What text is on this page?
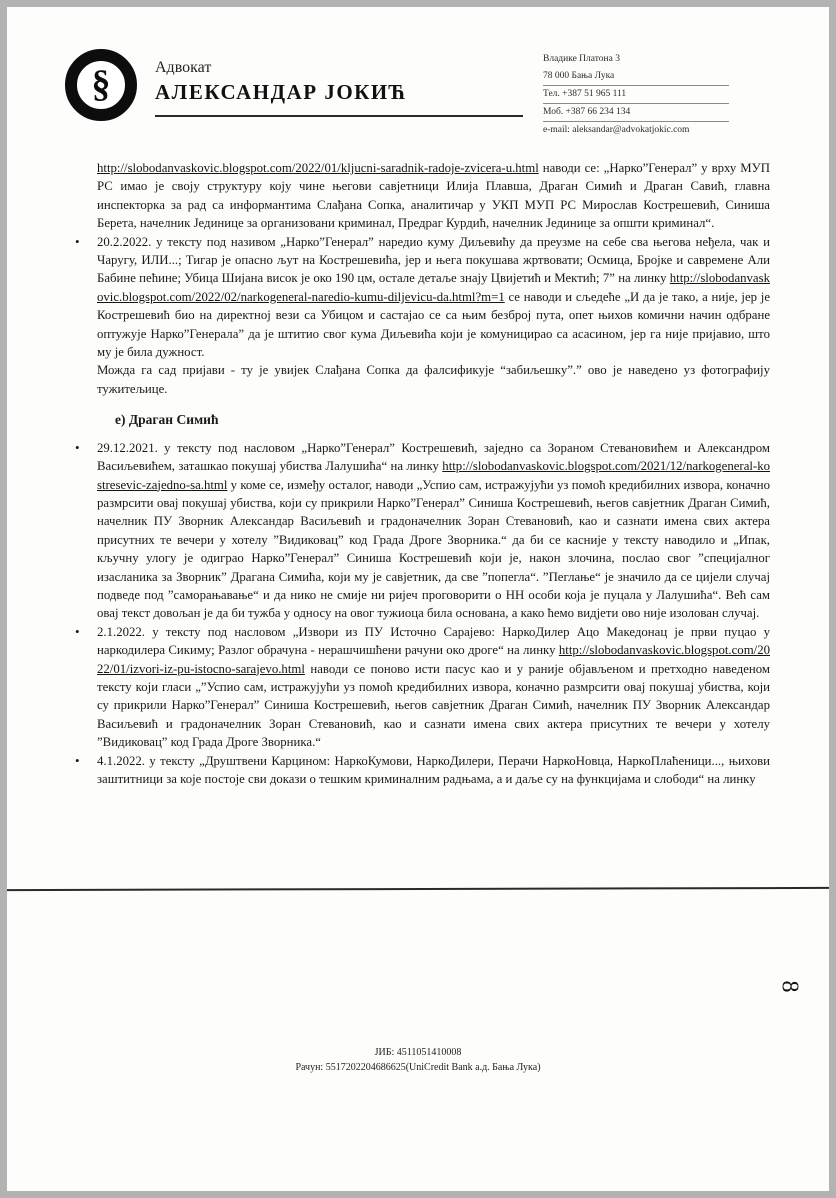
§	Адвокат
АЛЕКСАНДАР ЈОКИЋ
Владике Платона 3
78 000 Бања Лука
Тел. +387 51 965 111
Моб. +387 66 234 134
e-mail: aleksandar@advokatjokic.com
http://slobodanvaskovic.blogspot.com/2022/01/kljucni-saradnik-radoje-zvicera-u.html наводи се: „Нарко”Генерал” у врху МУП РС имао је своју структуру коју чине његови савјетници Илија Плавша, Драган Симић и Драган Савић, главна инспекторка за рад са информантима Слађана Сопка, аналитичар у УКП МУП РС Мирослав Кострешевић, Синиша Берета, начелник Јединице за организовани криминал, Предраг Курдић, начелник Јединице за општи криминал“.
• 20.2.2022. у тексту под називом „Нарко”Генерал” наредио куму Диљевићу да преузме на себе сва његова неђела, чак и Чаругу, ИЛИ...; Тигар је опасно љут на Кострешевића, јер и њега покушава жртвовати; Осмица, Бројке и савремене Али Бабине пећине; Убица Шијана висок је око 190 цм, остале детаље знају Цвијетић и Мектић; 7” на линку http://slobodanvaskovic.blogspot.com/2022/02/narkogeneral-naredio-kumu-diljevicu-da.html?m=1 се наводи и сљедеће „И да је тако, а није, јер је Кострешевић био на директној вези са Убицом и састајао се са њим безброј пута, опет њихов комични начин одбране оптужује Нарко”Генерала” да је штитио свог кума Диљевића који је комуницирао са асасином, јер га није пријавио, што му је била дужност.
Можда га сад пријави - ту је увијек Слађана Сопка да фалсификује “забиљешку”.” ово је наведено уз фотографију тужитељице.
е) Драган Симић
• 29.12.2021. у тексту под насловом „Нарко”Генерал” Кострешевић, заједно са Зораном Стевановићем и Александром Васиљевићем, заташкао покушај убиства Лалушића“ на линку http://slobodanvaskovic.blogspot.com/2021/12/narkogeneral-kostresevic-zajedno-sa.html у коме се, између осталог, наводи „Успио сам, истражујући уз помоћ кредибилних извора, коначно размрсити овај покушај убиства, који су прикрили Нарко”Генерал” Синиша Кострешевић, његов савјетник Драган Симић, начелник ПУ Зворник Александар Васиљевић и градоначелник Зоран Стевановић, као и сазнати имена свих актера присутних те вечери у хотелу ”Видиковац” код Града Дроге Зворника.“ да би се касније у тексту наводило и „Ипак, кључну улогу је одиграо Нарко”Генерал” Синиша Кострешевић који је, након злочина, послао свог ”специјалног изасланика за Зворник” Драгана Симића, који му је савјетник, да све ”попегла“. ”Пеглање“ је значило да се цијели случај подведе под ”саморањавање“ и да нико не смије ни ријеч проговорити о НН особи која је пуцала у Лалушића“. Већ сам овај текст довољан је да би тужба у односу на овог тужиоца била основана, а како ћемо видјети ово није изолован случај.
• 2.1.2022. у тексту под насловом „Извори из ПУ Источно Сарајево: НаркоДилер Ацо Македонац је први пуцао у наркодилера Сикиму; Разлог обрачуна - нерашчишћени рачуни око дроге“ на линку http://slobodanvaskovic.blogspot.com/2022/01/izvori-iz-pu-istocno-sarajevo.html наводи се поново исти пасус као и у раније објављеном и претходно наведеном тексту који гласи „”Успио сам, истражујући уз помоћ кредибилних извора, коначно размрсити овај покушај убиства, који су прикрили Нарко”Генерал” Синиша Кострешевић, његов савјетник Драган Симић, начелник ПУ Зворник Александар Васиљевић и градоначелник Зоран Стевановић, као и сазнати имена свих актера присутних те вечери у хотелу ”Видиковац” код Града Дроге Зворника.“
• 4.1.2022. у тексту „Друштвени Карцином: НаркоКумови, НаркоДилери, Перачи НаркоНовца, НаркоПлаћеници..., њихови заштитници за које постоје сви докази о тешким криминалним радњама, а и даље су на функцијама и слободи“ на линку
8
ЈИБ: 4511051410008
Рачун: 5517202204686625(UniCredit Bank а.д. Бања Лука)
